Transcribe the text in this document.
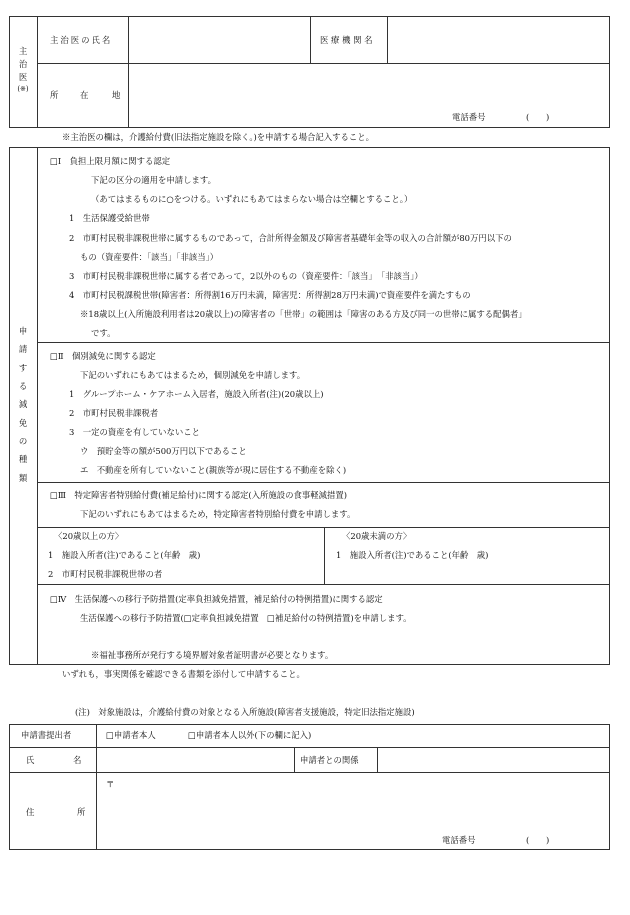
主
治
医
(※)
主治医の氏名	医 療 機 関 名
所	在	地
電話番号	(　　)
※主治医の欄は，介護給付費(旧法指定施設を除く。)を申請する場合記入すること。
申
請
す
る
減
免
の
種
類
□Ⅰ　負担上限月額に関する認定
下記の区分の適用を申請します。
（あてはまるものに○をつける。いずれにもあてはまらない場合は空欄とすること。）
1　生活保護受給世帯
2　市町村民税非課税世帯に属するものであって，合計所得金額及び障害者基礎年金等の収入の合計額が80万円以下の
もの（資産要件：「該当」「非該当」）
3　市町村民税非課税世帯に属する者であって，2以外のもの（資産要件：「該当」　「非該当」）
4　市町村民税課税世帯(障害者：所得割16万円未満，障害児：所得割28万円未満)で資産要件を満たすもの
※18歳以上(入所施設利用者は20歳以上)の障害者の「世帯」の範囲は「障害のある方及び同一の世帯に属する配偶者」
です。
□Ⅱ　個別減免に関する認定
下記のいずれにもあてはまるため，個別減免を申請します。
1　グループホーム・ケアホーム入居者，施設入所者(注)(20歳以上)
2　市町村民税非課税者
3　一定の資産を有していないこと
ウ　預貯金等の額が500万円以下であること
エ　不動産を所有していないこと(親族等が現に居住する不動産を除く)
□Ⅲ　特定障害者特別給付費(補足給付)に関する認定(入所施設の食事軽減措置)
下記のいずれにもあてはまるため，特定障害者特別給付費を申請します。
〈20歳以上の方〉
1　施設入所者(注)であること(年齢　歳)
2　市町村民税非課税世帯の者
〈20歳未満の方〉
1　施設入所者(注)であること(年齢　歳)
□Ⅳ　生活保護への移行予防措置(定率負担減免措置，補足給付の特例措置)に関する認定
生活保護への移行予防措置(□定率負担減免措置　□補足給付の特例措置)を申請します。
※福祉事務所が発行する境界層対象者証明書が必要となります。
いずれも，事実関係を確認できる書類を添付して申請すること。
(注)　対象施設は，介護給付費の対象となる入所施設(障害者支援施設，特定旧法指定施設)
申請書提出者	□申請者本人	□申請者本人以外(下の欄に記入)
氏	名	申請者との関係
住	所
〒
電話番号	(　　)
